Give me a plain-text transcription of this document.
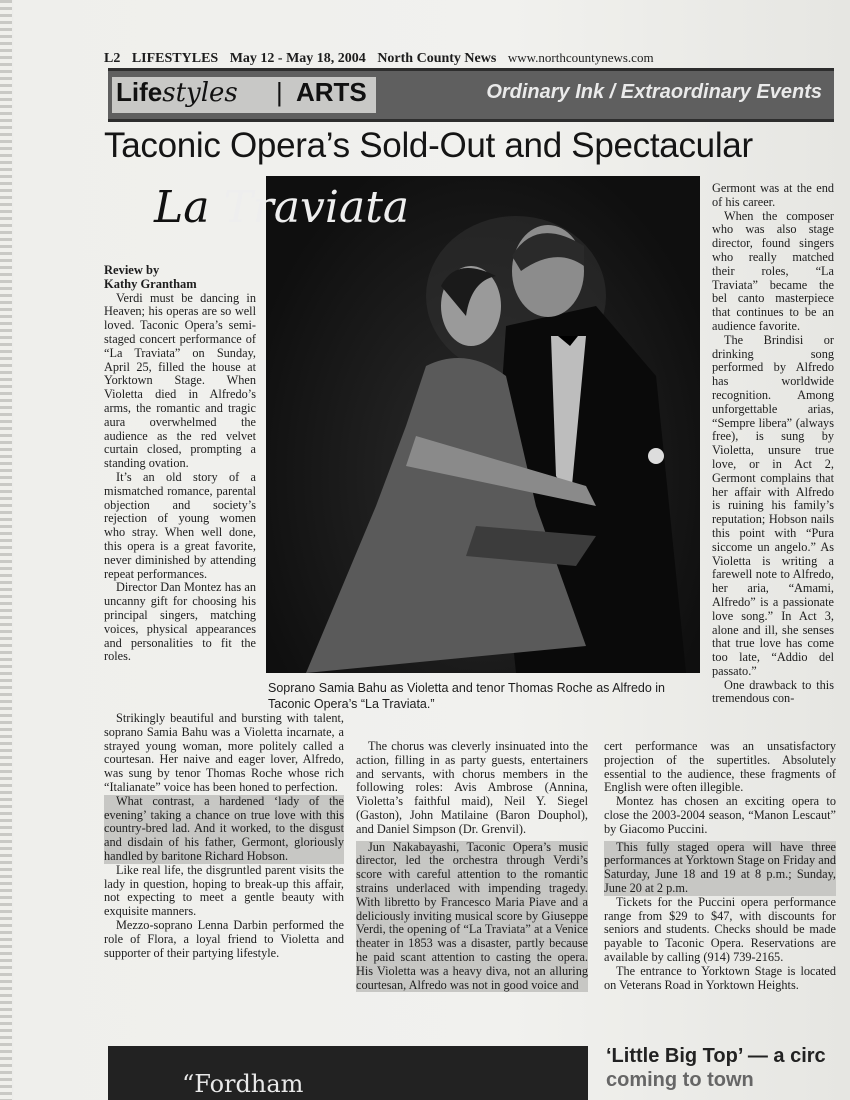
L2 LIFESTYLES May 12 - May 18, 2004 North County News www.northcountynews.com
Lifestyles | ARTS	Ordinary Ink / Extraordinary Events
Taconic Opera’s Sold-Out and Spectacular
La Traviata

Review by

Kathy Grantham

Verdi must be dancing in Heaven; his operas are so well loved. Taconic Opera’s semi-staged concert performance of “La Traviata” on Sunday, April 25, filled the house at Yorktown Stage. When Violetta died in Alfredo’s arms, the romantic and tragic aura overwhelmed the audience as the red velvet curtain closed, prompting a standing ovation.

It’s an old story of a mismatched romance, parental objection and society’s rejection of young women who stray. When well done, this opera is a great favorite, never diminished by attending repeat performances.

Director Dan Montez has an uncanny gift for choosing his principal singers, matching voices, physical appearances and personalities to fit the roles.

Soprano Samia Bahu as Violetta and tenor Thomas Roche as Alfredo in Taconic Opera’s “La Traviata.”

Strikingly beautiful and bursting with talent, soprano Samia Bahu was a Violetta incarnate, a strayed young woman, more politely called a courtesan. Her naive and eager lover, Alfredo, was sung by tenor Thomas Roche whose rich “Italianate” voice has been honed to perfection.

What contrast, a hardened ‘lady of the evening’ taking a chance on true love with this country-bred lad. And it worked, to the disgust and disdain of his father, Germont, gloriously handled by baritone Richard Hobson.

Like real life, the disgruntled parent visits the lady in question, hoping to break-up this affair, not expecting to meet a gentle beauty with exquisite manners.

Mezzo-soprano Lenna Darbin performed the role of Flora, a loyal friend to Violetta and supporter of their partying lifestyle.

The chorus was cleverly insinuated into the action, filling in as party guests, entertainers and servants, with chorus members in the following roles: Avis Ambrose (Annina, Violetta’s faithful maid), Neil Y. Siegel (Gaston), John Matilaine (Baron Douphol), and Daniel Simpson (Dr. Grenvil).

Jun Nakabayashi, Taconic Opera’s music director, led the orchestra through Verdi’s score with careful attention to the romantic strains underlaced with impending tragedy. With libretto by Francesco Maria Piave and a deliciously inviting musical score by Giuseppe Verdi, the opening of “La Traviata” at a Venice theater in 1853 was a disaster, partly because he paid scant attention to casting the opera. His Violetta was a heavy diva, not an alluring courtesan, Alfredo was not in good voice and

Germont was at the end of his career.

When the composer who was also stage director, found singers who really matched their roles, “La Traviata” became the bel canto masterpiece that continues to be an audience favorite.

The Brindisi or drinking song performed by Alfredo has worldwide recognition. Among unforgettable arias, “Sempre libera” (always free), is sung by Violetta, unsure true love, or in Act 2, Germont complains that her affair with Alfredo is ruining his family’s reputation; Hobson nails this point with “Pura siccome un angelo.” As Violetta is writing a farewell note to Alfredo, her aria, “Amami, Alfredo” is a passionate love song.” In Act 3, alone and ill, she senses that true love has come too late, “Addio del passato.”

One drawback to this tremendous con-

cert performance was an unsatisfactory projection of the supertitles. Absolutely essential to the audience, these fragments of English were often illegible.

Montez has chosen an exciting opera to close the 2003-2004 season, “Manon Lescaut” by Giacomo Puccini.

This fully staged opera will have three performances at Yorktown Stage on Friday and Saturday, June 18 and 19 at 8 p.m.; Sunday, June 20 at 2 p.m.

Tickets for the Puccini opera performance range from $29 to $47, with discounts for seniors and students. Checks should be made payable to Taconic Opera. Reservations are available by calling (914) 739-2165.

The entrance to Yorktown Stage is located on Veterans Road in Yorktown Heights.

“Fordham
‘Little Big Top’ — a circ
coming to town
